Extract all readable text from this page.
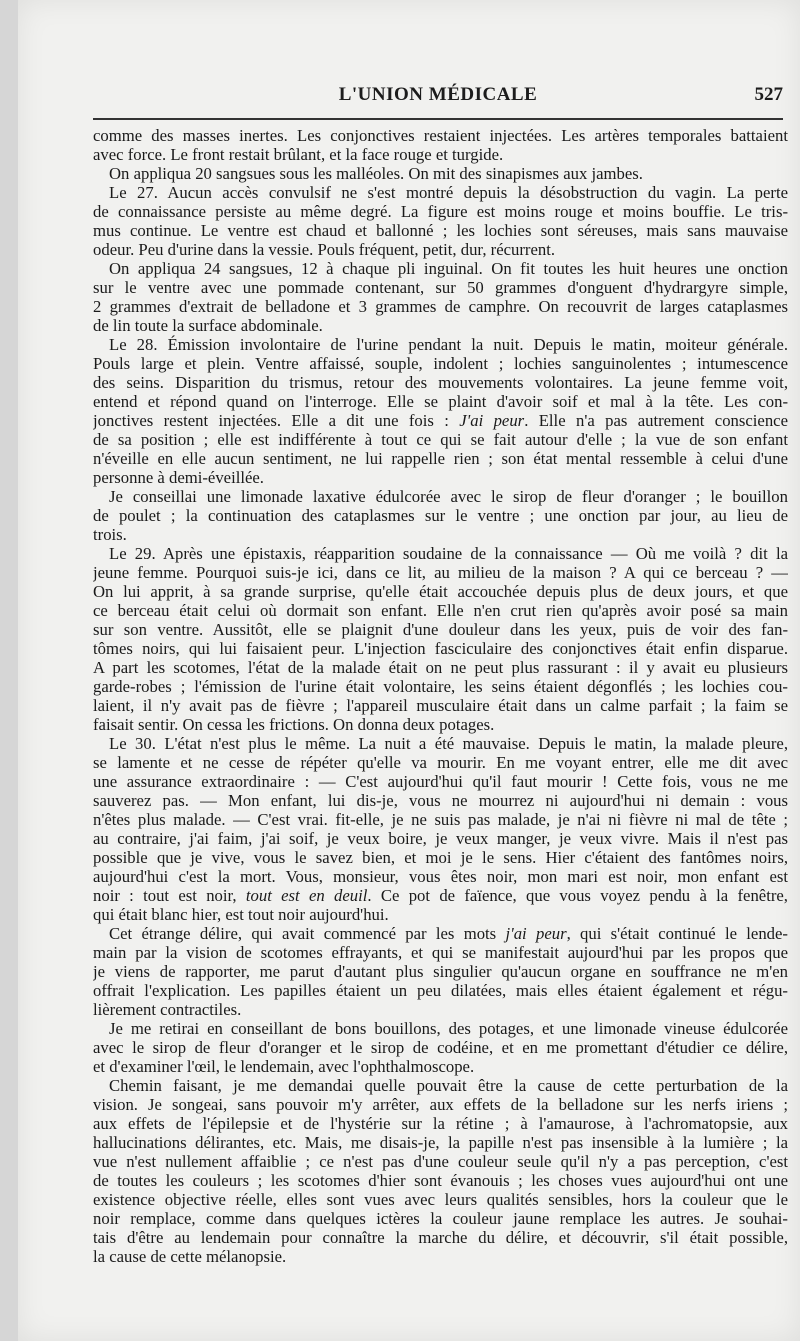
L'UNION MÉDICALE	527
comme des masses inertes. Les conjonctives restaient injectées. Les artères temporales battaient
avec force. Le front restait brûlant, et la face rouge et turgide.
On appliqua 20 sangsues sous les malléoles. On mit des sinapismes aux jambes.
Le 27. Aucun accès convulsif ne s'est montré depuis la désobstruction du vagin. La perte
de connaissance persiste au même degré. La figure est moins rouge et moins bouffie. Le tris-
mus continue. Le ventre est chaud et ballonné ; les lochies sont séreuses, mais sans mauvaise
odeur. Peu d'urine dans la vessie. Pouls fréquent, petit, dur, récurrent.
On appliqua 24 sangsues, 12 à chaque pli inguinal. On fit toutes les huit heures une onction
sur le ventre avec une pommade contenant, sur 50 grammes d'onguent d'hydrargyre simple,
2 grammes d'extrait de belladone et 3 grammes de camphre. On recouvrit de larges cataplasmes
de lin toute la surface abdominale.
Le 28. Émission involontaire de l'urine pendant la nuit. Depuis le matin, moiteur générale.
Pouls large et plein. Ventre affaissé, souple, indolent ; lochies sanguinolentes ; intumescence
des seins. Disparition du trismus, retour des mouvements volontaires. La jeune femme voit,
entend et répond quand on l'interroge. Elle se plaint d'avoir soif et mal à la tête. Les con-
jonctives restent injectées. Elle a dit une fois : J'ai peur. Elle n'a pas autrement conscience
de sa position ; elle est indifférente à tout ce qui se fait autour d'elle ; la vue de son enfant
n'éveille en elle aucun sentiment, ne lui rappelle rien ; son état mental ressemble à celui d'une
personne à demi-éveillée.
Je conseillai une limonade laxative édulcorée avec le sirop de fleur d'oranger ; le bouillon
de poulet ; la continuation des cataplasmes sur le ventre ; une onction par jour, au lieu de
trois.
Le 29. Après une épistaxis, réapparition soudaine de la connaissance — Où me voilà ? dit la
jeune femme. Pourquoi suis-je ici, dans ce lit, au milieu de la maison ? A qui ce berceau ? —
On lui apprit, à sa grande surprise, qu'elle était accouchée depuis plus de deux jours, et que
ce berceau était celui où dormait son enfant. Elle n'en crut rien qu'après avoir posé sa main
sur son ventre. Aussitôt, elle se plaignit d'une douleur dans les yeux, puis de voir des fan-
tômes noirs, qui lui faisaient peur. L'injection fasciculaire des conjonctives était enfin disparue.
A part les scotomes, l'état de la malade était on ne peut plus rassurant : il y avait eu plusieurs
garde-robes ; l'émission de l'urine était volontaire, les seins étaient dégonflés ; les lochies cou-
laient, il n'y avait pas de fièvre ; l'appareil musculaire était dans un calme parfait ; la faim se
faisait sentir. On cessa les frictions. On donna deux potages.
Le 30. L'état n'est plus le même. La nuit a été mauvaise. Depuis le matin, la malade pleure,
se lamente et ne cesse de répéter qu'elle va mourir. En me voyant entrer, elle me dit avec
une assurance extraordinaire : — C'est aujourd'hui qu'il faut mourir ! Cette fois, vous ne me
sauverez pas. — Mon enfant, lui dis-je, vous ne mourrez ni aujourd'hui ni demain : vous
n'êtes plus malade. — C'est vrai. fit-elle, je ne suis pas malade, je n'ai ni fièvre ni mal de tête ;
au contraire, j'ai faim, j'ai soif, je veux boire, je veux manger, je veux vivre. Mais il n'est pas
possible que je vive, vous le savez bien, et moi je le sens. Hier c'étaient des fantômes noirs,
aujourd'hui c'est la mort. Vous, monsieur, vous êtes noir, mon mari est noir, mon enfant est
noir : tout est noir, tout est en deuil. Ce pot de faïence, que vous voyez pendu à la fenêtre,
qui était blanc hier, est tout noir aujourd'hui.
Cet étrange délire, qui avait commencé par les mots j'ai peur, qui s'était continué le lende-
main par la vision de scotomes effrayants, et qui se manifestait aujourd'hui par les propos que
je viens de rapporter, me parut d'autant plus singulier qu'aucun organe en souffrance ne m'en
offrait l'explication. Les papilles étaient un peu dilatées, mais elles étaient également et régu-
lièrement contractiles.
Je me retirai en conseillant de bons bouillons, des potages, et une limonade vineuse édulcorée
avec le sirop de fleur d'oranger et le sirop de codéine, et en me promettant d'étudier ce délire,
et d'examiner l'œil, le lendemain, avec l'ophthalmoscope.
Chemin faisant, je me demandai quelle pouvait être la cause de cette perturbation de la
vision. Je songeai, sans pouvoir m'y arrêter, aux effets de la belladone sur les nerfs iriens ;
aux effets de l'épilepsie et de l'hystérie sur la rétine ; à l'amaurose, à l'achromatopsie, aux
hallucinations délirantes, etc. Mais, me disais-je, la papille n'est pas insensible à la lumière ; la
vue n'est nullement affaiblie ; ce n'est pas d'une couleur seule qu'il n'y a pas perception, c'est
de toutes les couleurs ; les scotomes d'hier sont évanouis ; les choses vues aujourd'hui ont une
existence objective réelle, elles sont vues avec leurs qualités sensibles, hors la couleur que le
noir remplace, comme dans quelques ictères la couleur jaune remplace les autres. Je souhai-
tais d'être au lendemain pour connaître la marche du délire, et découvrir, s'il était possible,
la cause de cette mélanopsie.
